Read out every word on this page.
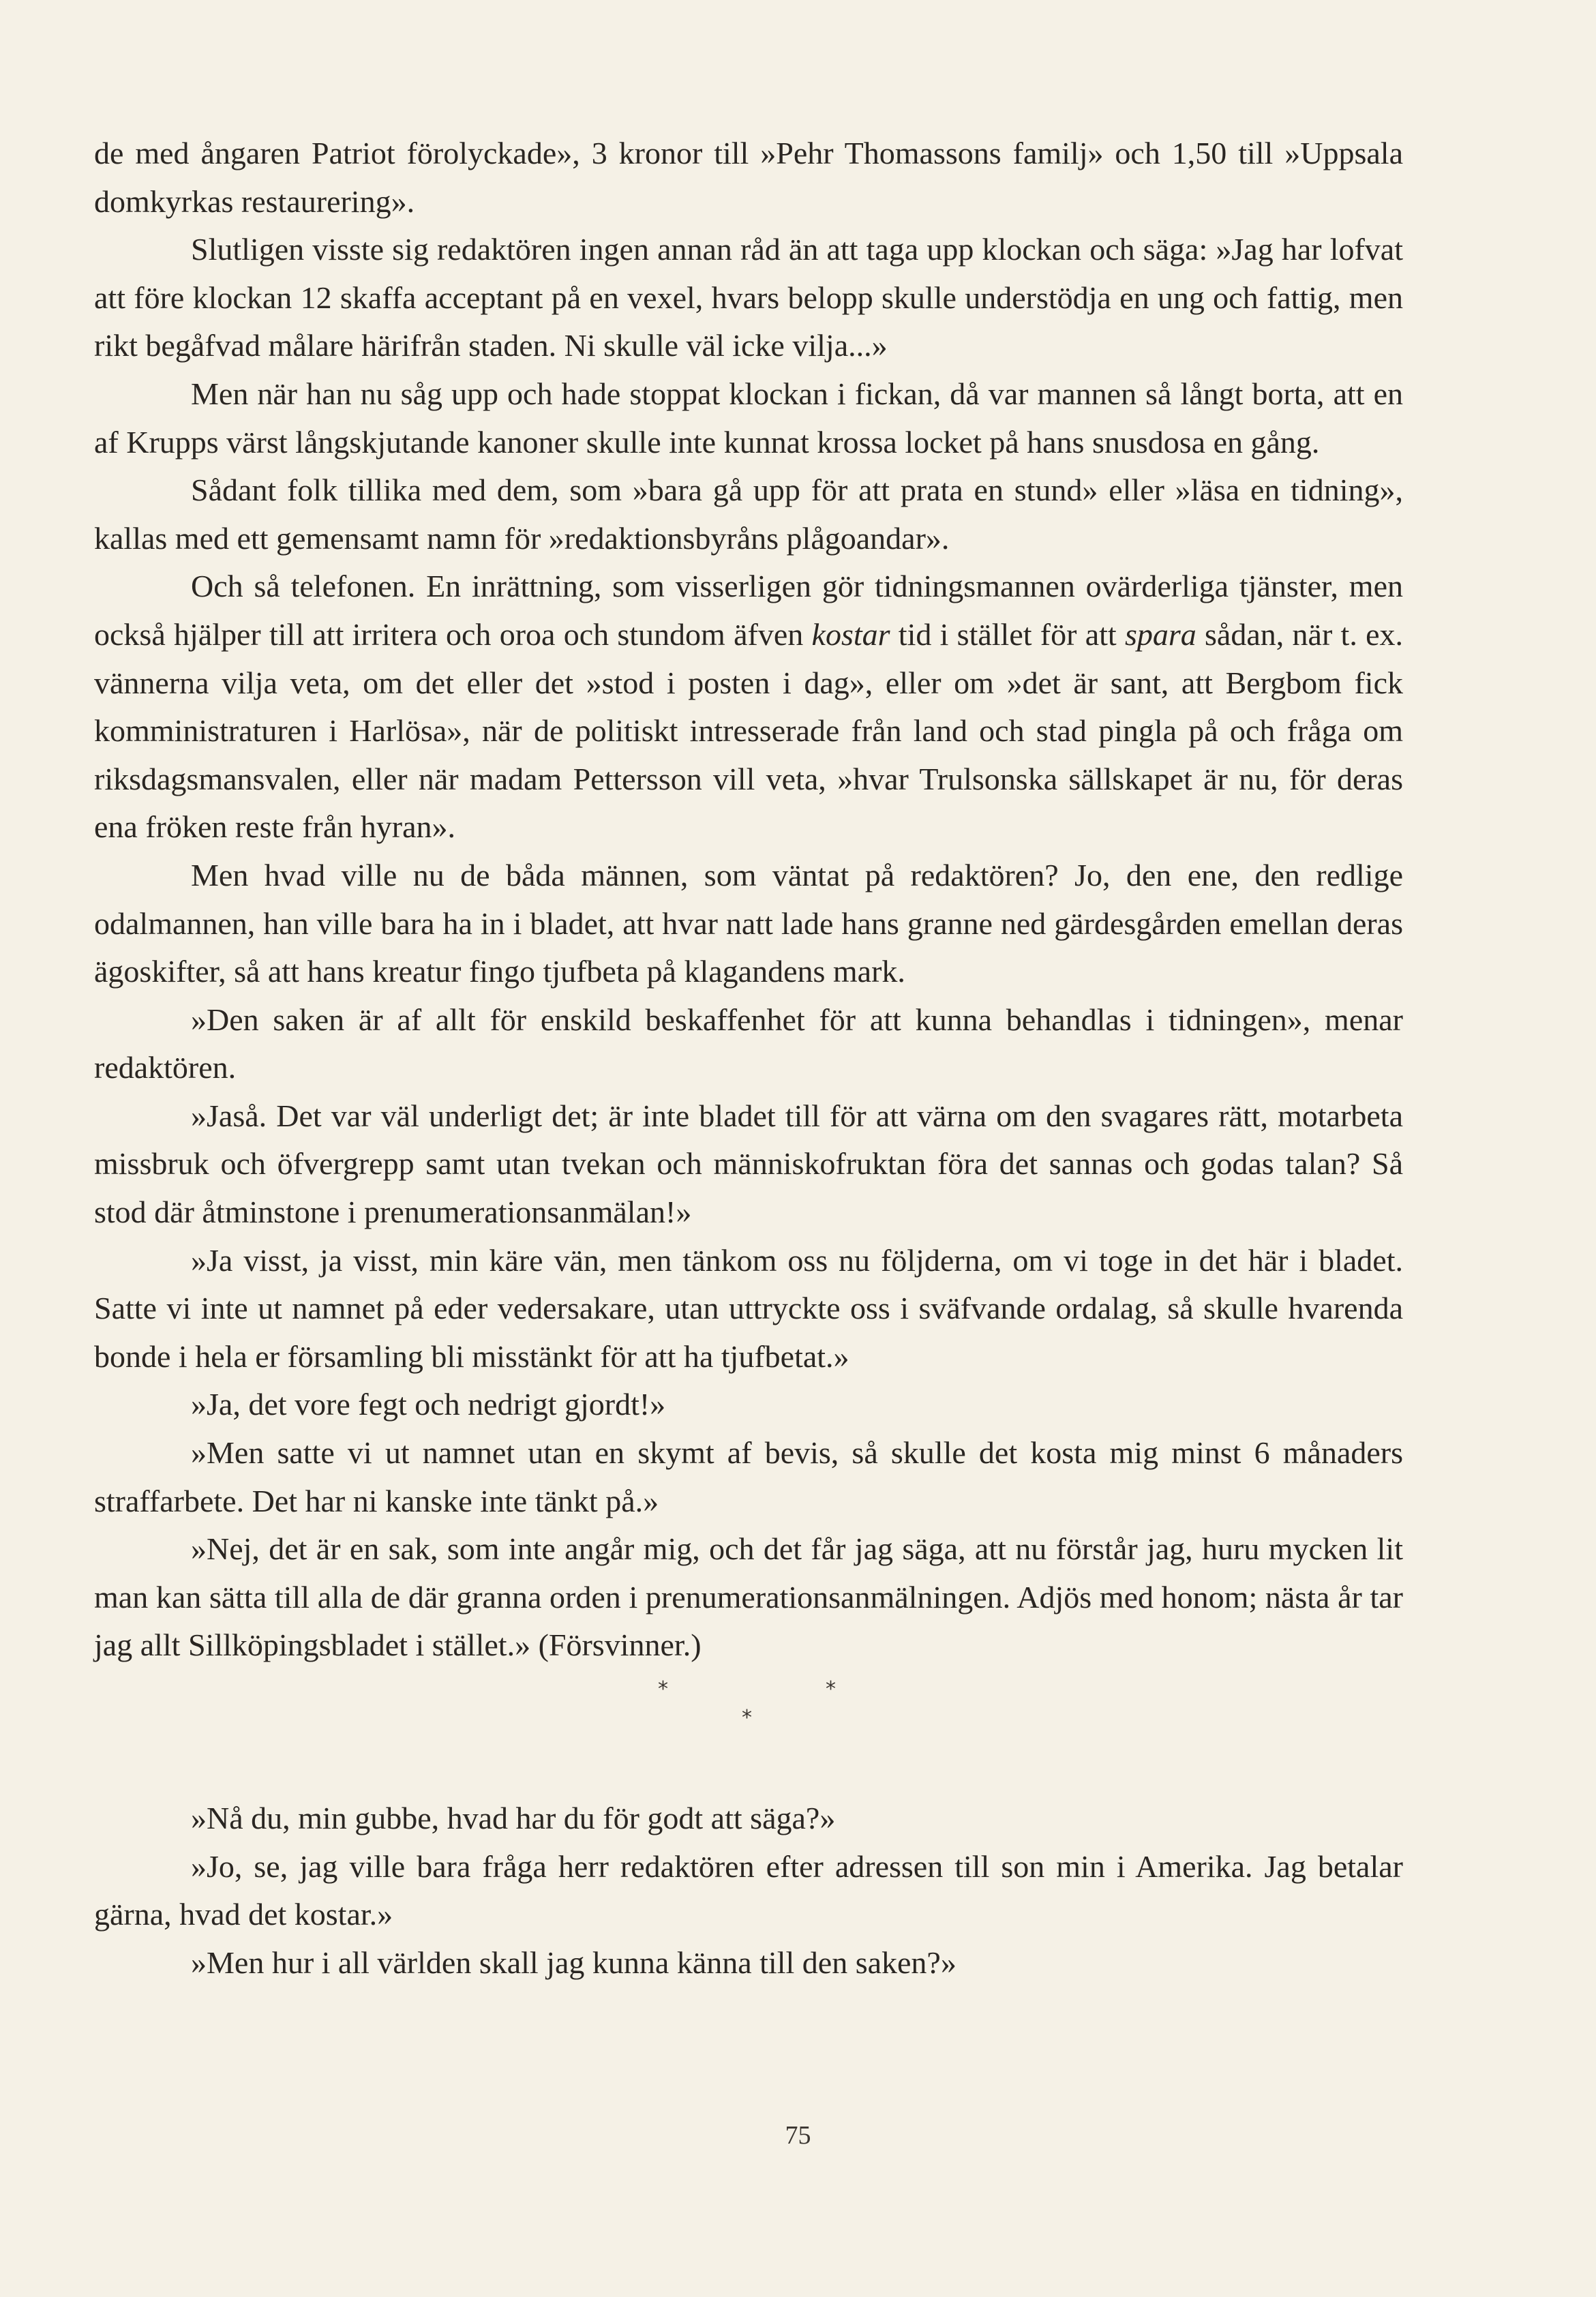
de med ångaren Patriot förolyckade», 3 kronor till »Pehr Thomassons familj» och 1,50 till »Uppsala domkyrkas restaurering».

Slutligen visste sig redaktören ingen annan råd än att taga upp klockan och säga: »Jag har lofvat att före klockan 12 skaffa acceptant på en vexel, hvars belopp skulle understödja en ung och fattig, men rikt begåfvad målare härifrån staden. Ni skulle väl icke vilja...»

Men när han nu såg upp och hade stoppat klockan i fickan, då var mannen så långt borta, att en af Krupps värst långskjutande kanoner skulle inte kunnat krossa locket på hans snusdosa en gång.

Sådant folk tillika med dem, som »bara gå upp för att prata en stund» eller »läsa en tidning», kallas med ett gemensamt namn för »redaktionsbyråns plågoandar».

Och så telefonen. En inrättning, som visserligen gör tidningsmannen ovärderliga tjänster, men också hjälper till att irritera och oroa och stundom äfven kostar tid i stället för att spara sådan, när t. ex. vännerna vilja veta, om det eller det »stod i posten i dag», eller om »det är sant, att Bergbom fick komministraturen i Harlösa», när de politiskt intresserade från land och stad pingla på och fråga om riksdagsmansvalen, eller när madam Pettersson vill veta, »hvar Trulsonska sällskapet är nu, för deras ena fröken reste från hyran».

Men hvad ville nu de båda männen, som väntat på redaktören? Jo, den ene, den redlige odalmannen, han ville bara ha in i bladet, att hvar natt lade hans granne ned gärdesgården emellan deras ägoskifter, så att hans kreatur fingo tjufbeta på klagandens mark.

»Den saken är af allt för enskild beskaffenhet för att kunna behandlas i tidningen», menar redaktören.

»Jaså. Det var väl underligt det; är inte bladet till för att värna om den svagares rätt, motarbeta missbruk och öfvergrepp samt utan tvekan och människofruktan föra det sannas och godas talan? Så stod där åtminstone i prenumerationsanmälan!»

»Ja visst, ja visst, min käre vän, men tänkom oss nu följderna, om vi toge in det här i bladet. Satte vi inte ut namnet på eder vedersakare, utan uttryckte oss i sväfvande ordalag, så skulle hvarenda bonde i hela er församling bli misstänkt för att ha tjufbetat.»

»Ja, det vore fegt och nedrigt gjordt!»

»Men satte vi ut namnet utan en skymt af bevis, så skulle det kosta mig minst 6 månaders straffarbete. Det har ni kanske inte tänkt på.»

»Nej, det är en sak, som inte angår mig, och det får jag säga, att nu förstår jag, huru mycken lit man kan sätta till alla de där granna orden i prenumerationsanmälningen. Adjös med honom; nästa år tar jag allt Sillköpingsbladet i stället.» (Försvinner.)

*	*
*

»Nå du, min gubbe, hvad har du för godt att säga?»

»Jo, se, jag ville bara fråga herr redaktören efter adressen till son min i Amerika. Jag betalar gärna, hvad det kostar.»

»Men hur i all världen skall jag kunna känna till den saken?»

75
